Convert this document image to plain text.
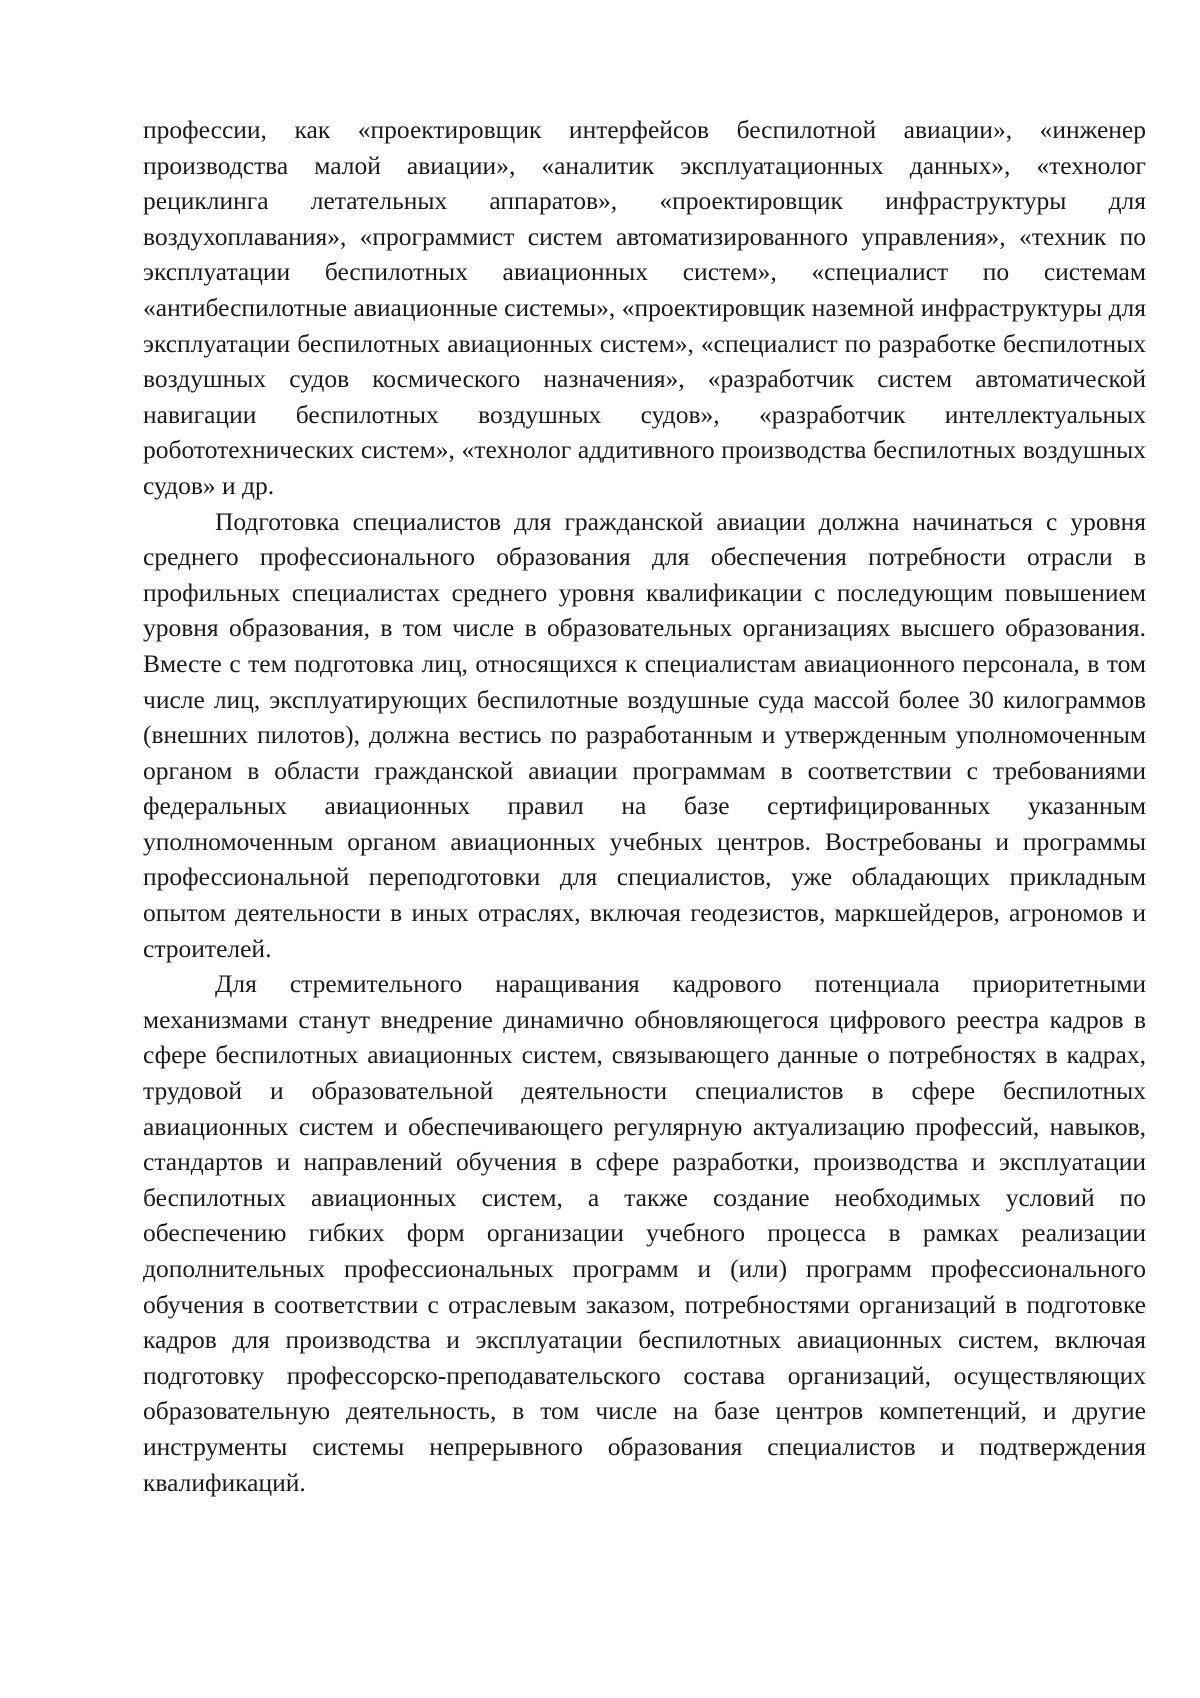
профессии, как «проектировщик интерфейсов беспилотной авиации», «инженер производства малой авиации», «аналитик эксплуатационных данных», «технолог рециклинга летательных аппаратов», «проектировщик инфраструктуры для воздухоплавания», «программист систем автоматизированного управления», «техник по эксплуатации беспилотных авиационных систем», «специалист по системам «антибеспилотные авиационные системы», «проектировщик наземной инфраструктуры для эксплуатации беспилотных авиационных систем», «специалист по разработке беспилотных воздушных судов космического назначения», «разработчик систем автоматической навигации беспилотных воздушных судов», «разработчик интеллектуальных робототехнических систем», «технолог аддитивного производства беспилотных воздушных судов» и др.

Подготовка специалистов для гражданской авиации должна начинаться с уровня среднего профессионального образования для обеспечения потребности отрасли в профильных специалистах среднего уровня квалификации с последующим повышением уровня образования, в том числе в образовательных организациях высшего образования. Вместе с тем подготовка лиц, относящихся к специалистам авиационного персонала, в том числе лиц, эксплуатирующих беспилотные воздушные суда массой более 30 килограммов (внешних пилотов), должна вестись по разработанным и утвержденным уполномоченным органом в области гражданской авиации программам в соответствии с требованиями федеральных авиационных правил на базе сертифицированных указанным уполномоченным органом авиационных учебных центров. Востребованы и программы профессиональной переподготовки для специалистов, уже обладающих прикладным опытом деятельности в иных отраслях, включая геодезистов, маркшейдеров, агрономов и строителей.

Для стремительного наращивания кадрового потенциала приоритетными механизмами станут внедрение динамично обновляющегося цифрового реестра кадров в сфере беспилотных авиационных систем, связывающего данные о потребностях в кадрах, трудовой и образовательной деятельности специалистов в сфере беспилотных авиационных систем и обеспечивающего регулярную актуализацию профессий, навыков, стандартов и направлений обучения в сфере разработки, производства и эксплуатации беспилотных авиационных систем, а также создание необходимых условий по обеспечению гибких форм организации учебного процесса в рамках реализации дополнительных профессиональных программ и (или) программ профессионального обучения в соответствии с отраслевым заказом, потребностями организаций в подготовке кадров для производства и эксплуатации беспилотных авиационных систем, включая подготовку профессорско-преподавательского состава организаций, осуществляющих образовательную деятельность, в том числе на базе центров компетенций, и другие инструменты системы непрерывного образования специалистов и подтверждения квалификаций.
